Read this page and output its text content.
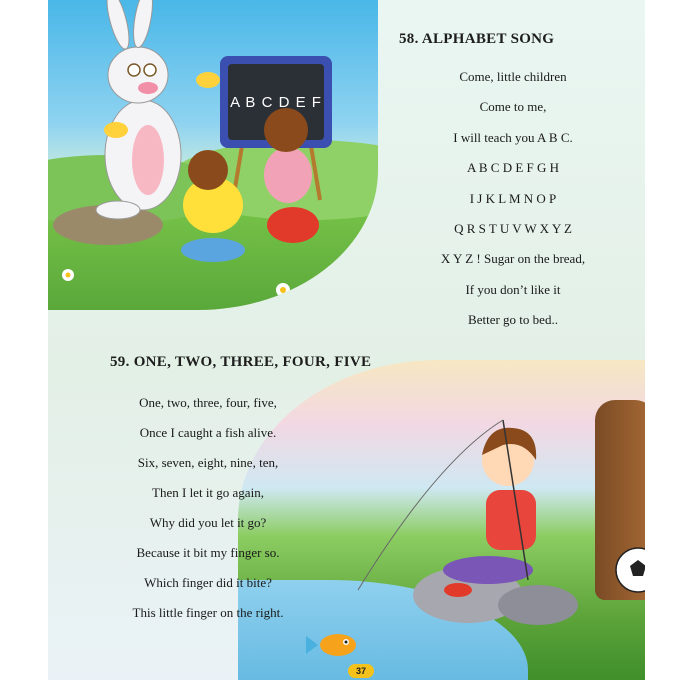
A B C D E F
58. ALPHABET SONG
Come, little children
Come to me,
I will teach you A B C.
A B C D E F G H
I J K L M N O P
Q R S T U V W X Y Z
X Y Z ! Sugar on the bread,
If you don’t like it
Better go to bed..
59. ONE, TWO, THREE, FOUR, FIVE
One, two, three, four, five,
Once I caught a fish alive.
Six, seven, eight, nine, ten,
Then I let it go again,
Why did you let it go?
Because it bit my finger so.
Which finger did it bite?
This little finger on the right.
37
